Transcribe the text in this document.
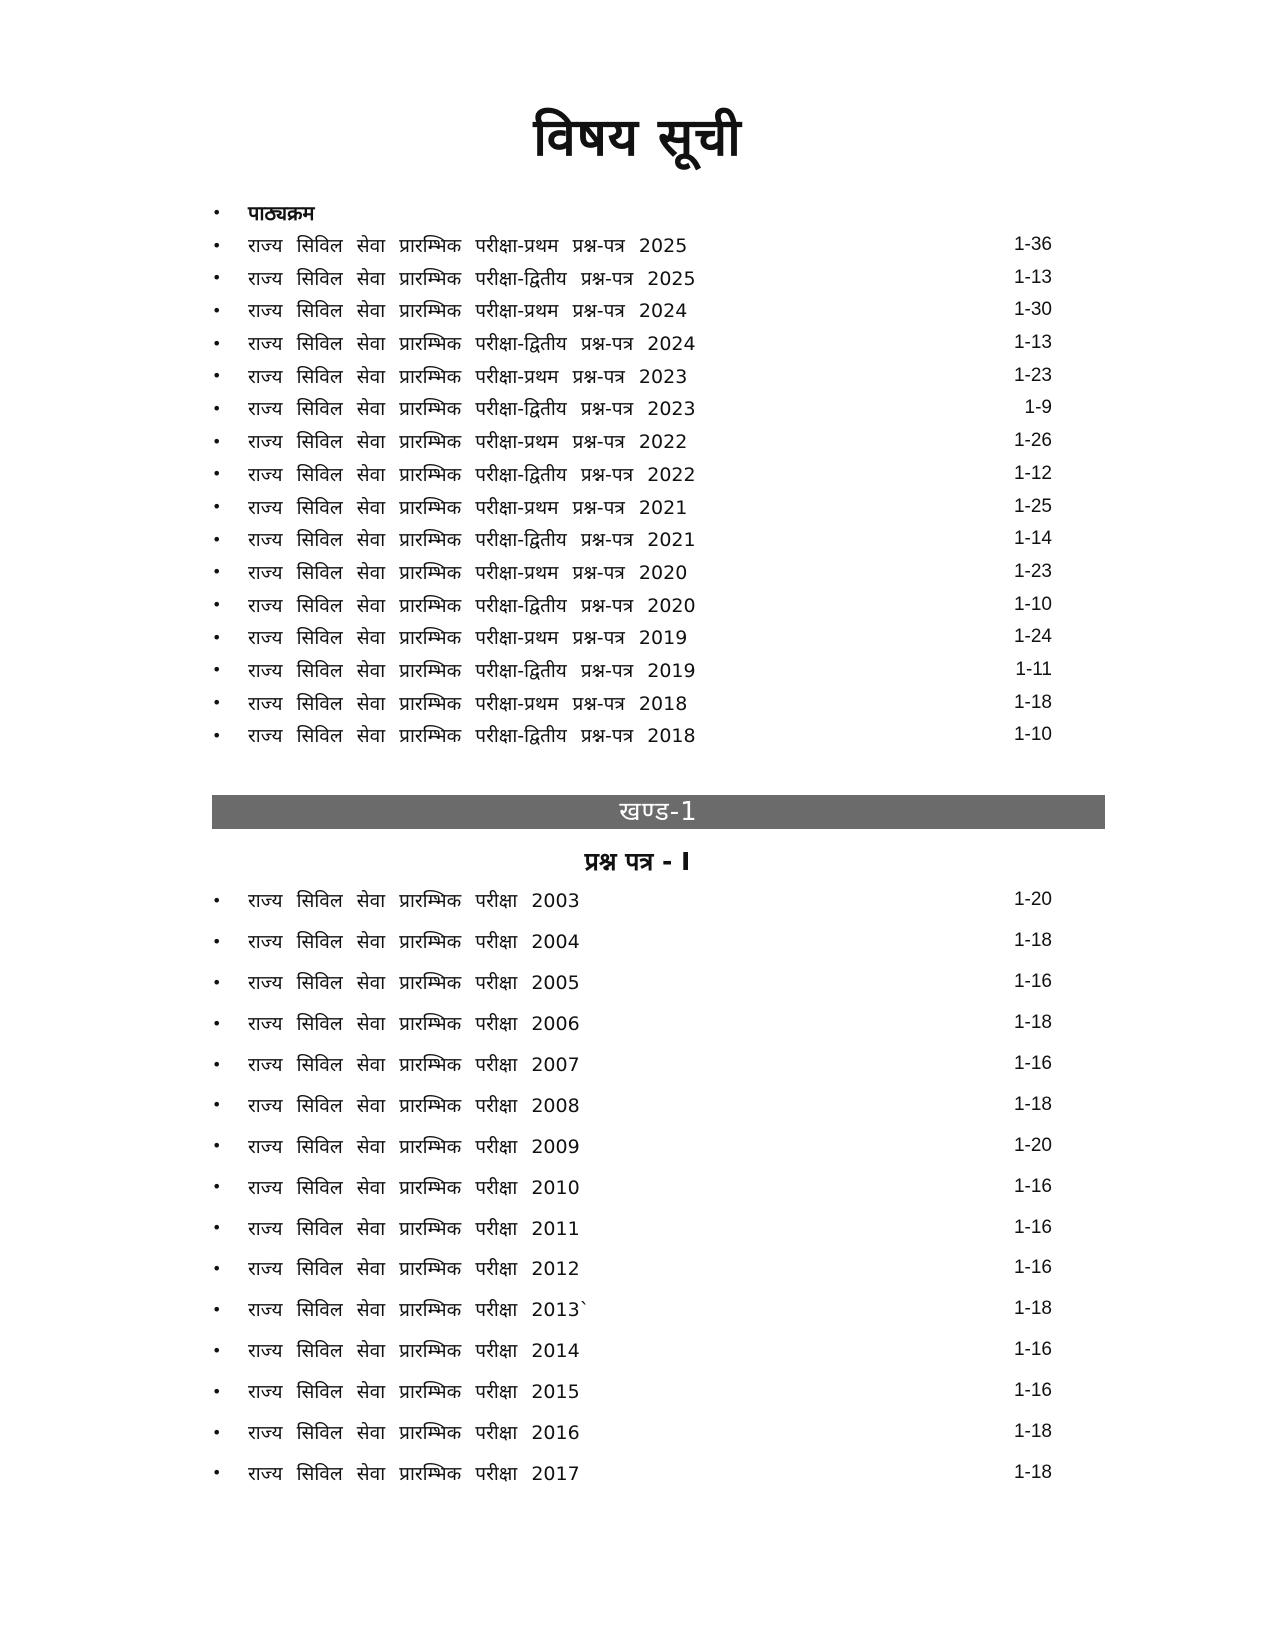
विषय सूची
•	पाठ्यक्रम
•	राज्य सिविल सेवा प्रारम्भिक परीक्षा-प्रथम प्रश्न-पत्र 2025	1-36
•	राज्य सिविल सेवा प्रारम्भिक परीक्षा-द्वितीय प्रश्न-पत्र 2025	1-13
•	राज्य सिविल सेवा प्रारम्भिक परीक्षा-प्रथम प्रश्न-पत्र 2024	1-30
•	राज्य सिविल सेवा प्रारम्भिक परीक्षा-द्वितीय प्रश्न-पत्र 2024	1-13
•	राज्य सिविल सेवा प्रारम्भिक परीक्षा-प्रथम प्रश्न-पत्र 2023	1-23
•	राज्य सिविल सेवा प्रारम्भिक परीक्षा-द्वितीय प्रश्न-पत्र 2023	1-9
•	राज्य सिविल सेवा प्रारम्भिक परीक्षा-प्रथम प्रश्न-पत्र 2022	1-26
•	राज्य सिविल सेवा प्रारम्भिक परीक्षा-द्वितीय प्रश्न-पत्र 2022	1-12
•	राज्य सिविल सेवा प्रारम्भिक परीक्षा-प्रथम प्रश्न-पत्र 2021	1-25
•	राज्य सिविल सेवा प्रारम्भिक परीक्षा-द्वितीय प्रश्न-पत्र 2021	1-14
•	राज्य सिविल सेवा प्रारम्भिक परीक्षा-प्रथम प्रश्न-पत्र 2020	1-23
•	राज्य सिविल सेवा प्रारम्भिक परीक्षा-द्वितीय प्रश्न-पत्र 2020	1-10
•	राज्य सिविल सेवा प्रारम्भिक परीक्षा-प्रथम प्रश्न-पत्र 2019	1-24
•	राज्य सिविल सेवा प्रारम्भिक परीक्षा-द्वितीय प्रश्न-पत्र 2019	1-11
•	राज्य सिविल सेवा प्रारम्भिक परीक्षा-प्रथम प्रश्न-पत्र 2018	1-18
•	राज्य सिविल सेवा प्रारम्भिक परीक्षा-द्वितीय प्रश्न-पत्र 2018	1-10
खण्ड-1
प्रश्न पत्र - I
•	राज्य सिविल सेवा प्रारम्भिक परीक्षा 2003	1-20
•	राज्य सिविल सेवा प्रारम्भिक परीक्षा 2004	1-18
•	राज्य सिविल सेवा प्रारम्भिक परीक्षा 2005	1-16
•	राज्य सिविल सेवा प्रारम्भिक परीक्षा 2006	1-18
•	राज्य सिविल सेवा प्रारम्भिक परीक्षा 2007	1-16
•	राज्य सिविल सेवा प्रारम्भिक परीक्षा 2008	1-18
•	राज्य सिविल सेवा प्रारम्भिक परीक्षा 2009	1-20
•	राज्य सिविल सेवा प्रारम्भिक परीक्षा 2010	1-16
•	राज्य सिविल सेवा प्रारम्भिक परीक्षा 2011	1-16
•	राज्य सिविल सेवा प्रारम्भिक परीक्षा 2012	1-16
•	राज्य सिविल सेवा प्रारम्भिक परीक्षा 2013`	1-18
•	राज्य सिविल सेवा प्रारम्भिक परीक्षा 2014	1-16
•	राज्य सिविल सेवा प्रारम्भिक परीक्षा 2015	1-16
•	राज्य सिविल सेवा प्रारम्भिक परीक्षा 2016	1-18
•	राज्य सिविल सेवा प्रारम्भिक परीक्षा 2017	1-18
